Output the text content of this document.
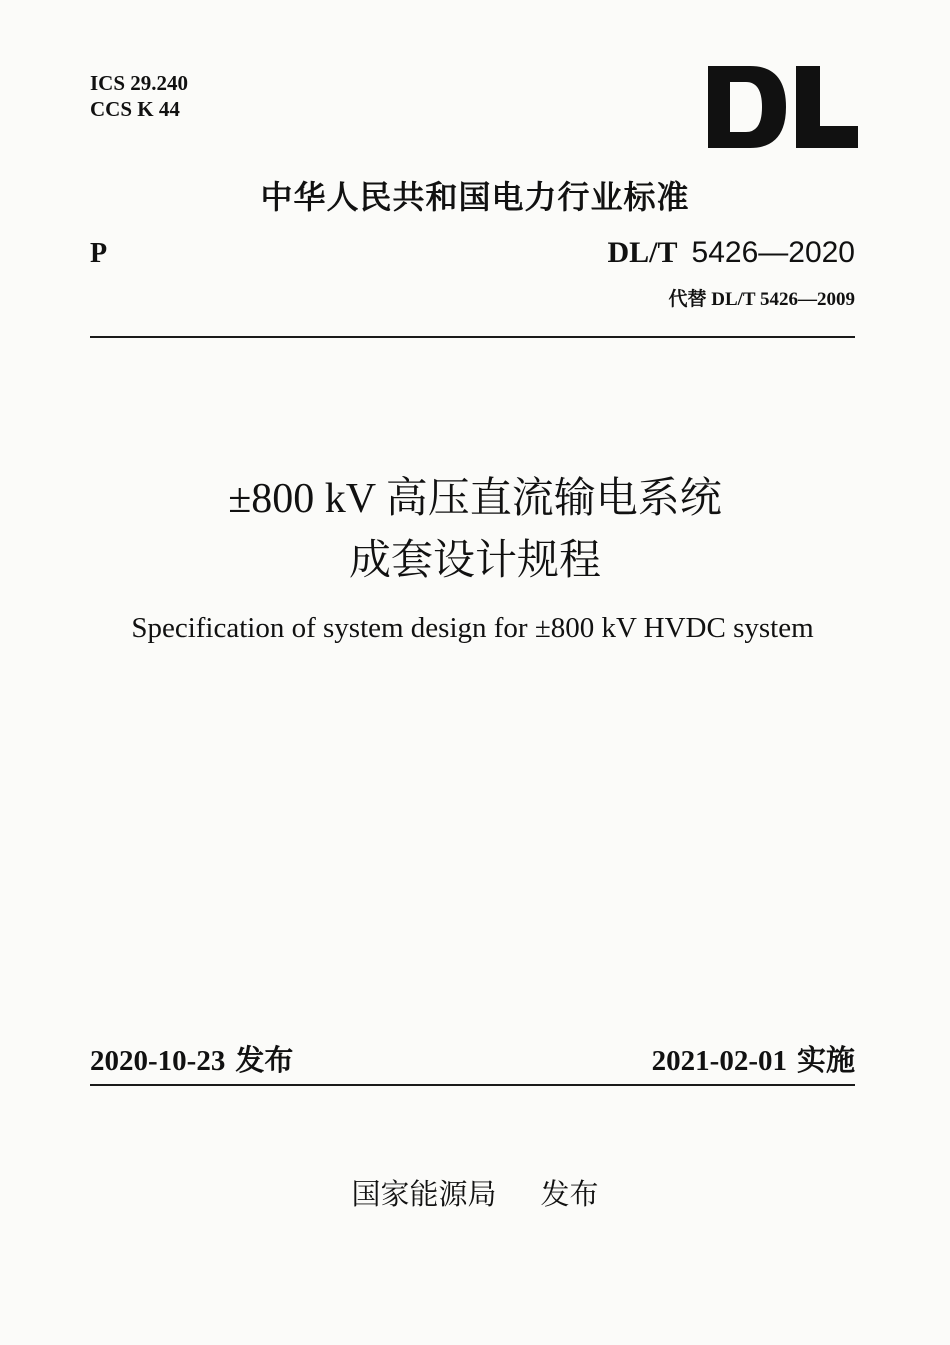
ICS 29.240
CCS K 44
中华人民共和国电力行业标准
P	DL/T 5426—2020
代替 DL/T 5426—2009
±800 kV 高压直流输电系统
成套设计规程
Specification of system design for ±800 kV HVDC system
2020-10-23 发布	2021-02-01 实施
国家能源局 发布
